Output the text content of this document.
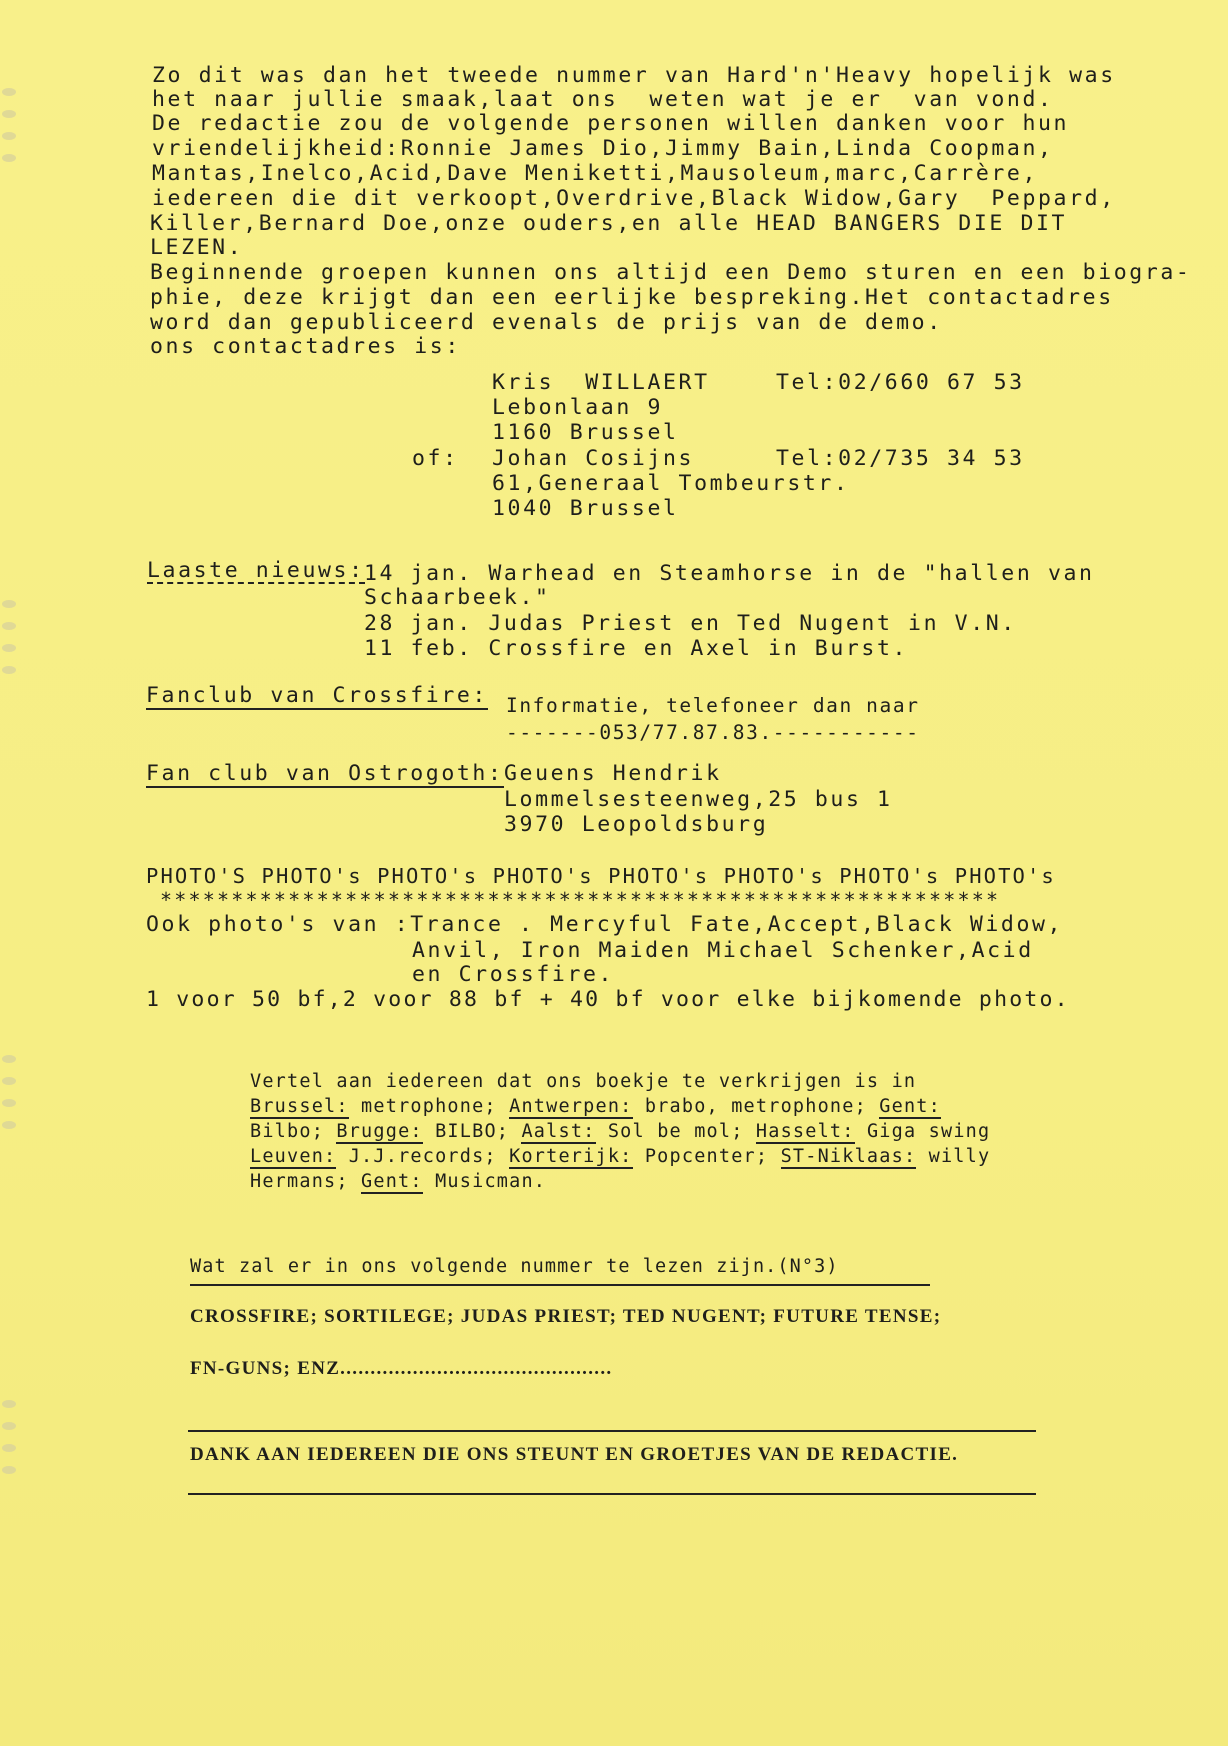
Zo dit was dan het tweede nummer van Hard'n'Heavy hopelijk was
het naar jullie smaak,laat ons  weten wat je er  van vond.
De redactie zou de volgende personen willen danken voor hun
vriendelijkheid:Ronnie James Dio,Jimmy Bain,Linda Coopman,
Mantas,Inelco,Acid,Dave Meniketti,Mausoleum,marc,Carrère,
iedereen die dit verkoopt,Overdrive,Black Widow,Gary  Peppard,
Killer,Bernard Doe,onze ouders,en alle HEAD BANGERS DIE DIT
LEZEN.
Beginnende groepen kunnen ons altijd een Demo sturen en een biogra-
phie, deze krijgt dan een eerlijke bespreking.Het contactadres
word dan gepubliceerd evenals de prijs van de demo.
ons contactadres is:
Kris  WILLAERT	Tel:02/660 67 53
Lebonlaan 9
1160 Brussel
of: Johan Cosijns	Tel:02/735 34 53
61,Generaal Tombeurstr.
1040 Brussel
Laaste nieuws: 14 jan. Warhead en Steamhorse in de "hallen van
Schaarbeek."
28 jan. Judas Priest en Ted Nugent in V.N.
11 feb. Crossfire en Axel in Burst.
Fanclub van Crossfire: Informatie, telefoneer dan naar
-------053/77.87.83.-----------
Fan club van Ostrogoth: Geuens Hendrik
Lommelsesteenweg,25 bus 1
3970 Leopoldsburg
PHOTO'S PHOTO's PHOTO's PHOTO's PHOTO's PHOTO's PHOTO's PHOTO's
***********************************************************
Ook photo's van :Trance . Mercyful Fate,Accept,Black Widow,
Anvil, Iron Maiden Michael Schenker,Acid
en Crossfire.
1 voor 50 bf,2 voor 88 bf + 40 bf voor elke bijkomende photo.
Vertel aan iedereen dat ons boekje te verkrijgen is in
Brussel: metrophone; Antwerpen: brabo, metrophone; Gent:
Bilbo; Brugge: BILBO; Aalst: Sol be mol; Hasselt: Giga swing
Leuven: J.J.records; Korterijk: Popcenter; ST-Niklaas: willy
Hermans; Gent: Musicman.
Wat zal er in ons volgende nummer te lezen zijn.(N°3)
CROSSFIRE; SORTILEGE; JUDAS PRIEST; TED NUGENT; FUTURE TENSE;
FN-GUNS; ENZ.............................................
DANK AAN IEDEREEN DIE ONS STEUNT EN GROETJES VAN DE REDACTIE.
